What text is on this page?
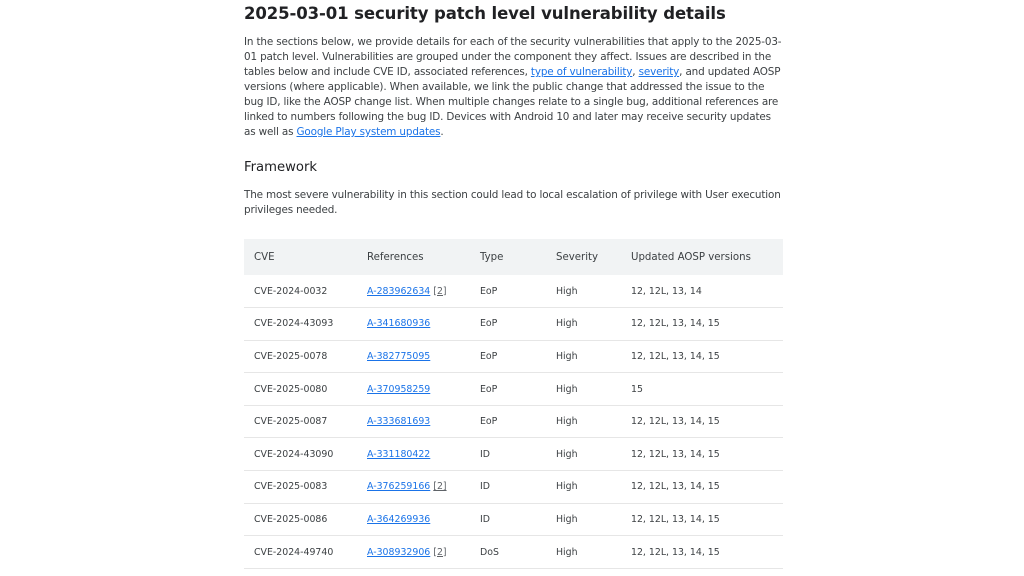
2025-03-01 security patch level vulnerability details

In the sections below, we provide details for each of the security vulnerabilities that apply to the 2025-03-01 patch level. Vulnerabilities are grouped under the component they affect. Issues are described in the tables below and include CVE ID, associated references, type of vulnerability, severity, and updated AOSP versions (where applicable). When available, we link the public change that addressed the issue to the bug ID, like the AOSP change list. When multiple changes relate to a single bug, additional references are linked to numbers following the bug ID. Devices with Android 10 and later may receive security updates as well as Google Play system updates.

Framework

The most severe vulnerability in this section could lead to local escalation of privilege with User execution privileges needed.

CVE	References	Type	Severity	Updated AOSP versions
CVE-2024-0032	A-283962634 [2]	EoP	High	12, 12L, 13, 14
CVE-2024-43093	A-341680936	EoP	High	12, 12L, 13, 14, 15
CVE-2025-0078	A-382775095	EoP	High	12, 12L, 13, 14, 15
CVE-2025-0080	A-370958259	EoP	High	15
CVE-2025-0087	A-333681693	EoP	High	12, 12L, 13, 14, 15
CVE-2024-43090	A-331180422	ID	High	12, 12L, 13, 14, 15
CVE-2025-0083	A-376259166 [2]	ID	High	12, 12L, 13, 14, 15
CVE-2025-0086	A-364269936	ID	High	12, 12L, 13, 14, 15
CVE-2024-49740	A-308932906 [2]	DoS	High	12, 12L, 13, 14, 15
